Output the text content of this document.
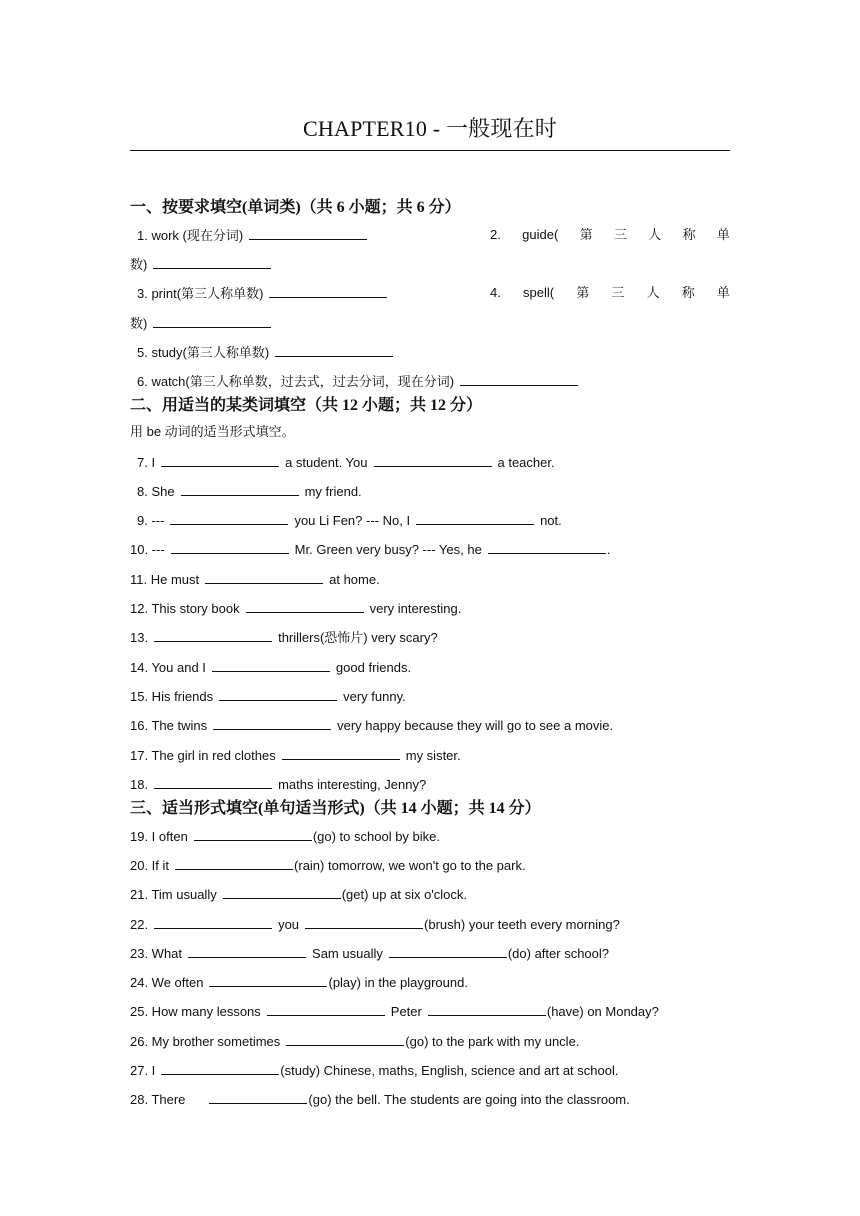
CHAPTER10 - 一般现在时
一、按要求填空(单词类)（共 6 小题；共 6 分）
1. work (现在分词)	2. guide( 第 三 人 称 单
数)
3. print(第三人称单数)	4. spell( 第 三 人 称 单
数)
5. study(第三人称单数)
6. watch(第三人称单数，过去式，过去分词，现在分词)
二、用适当的某类词填空（共 12 小题；共 12 分）
用 be 动词的适当形式填空。
7. I	a student. You	a teacher.
8. She	my friend.
9. ---	you Li Fen? --- No, I	not.
10. ---	Mr. Green very busy? --- Yes, he	.
11. He must	at home.
12. This story book	very interesting.
13.	thrillers(恐怖片) very scary?
14. You and I	good friends.
15. His friends	very funny.
16. The twins	very happy because they will go to see a movie.
17. The girl in red clothes	my sister.
18.	maths interesting, Jenny?
三、适当形式填空(单句适当形式)（共 14 小题；共 14 分）
19. I often	(go) to school by bike.
20. If it	(rain) tomorrow, we won't go to the park.
21. Tim usually	(get) up at six o'clock.
22.	you	(brush) your teeth every morning?
23. What	Sam usually	(do) after school?
24. We often	(play) in the playground.
25. How many lessons	Peter	(have) on Monday?
26. My brother sometimes	(go) to the park with my uncle.
27. I	(study) Chinese, maths, English, science and art at school.
28. There	(go) the bell. The students are going into the classroom.
